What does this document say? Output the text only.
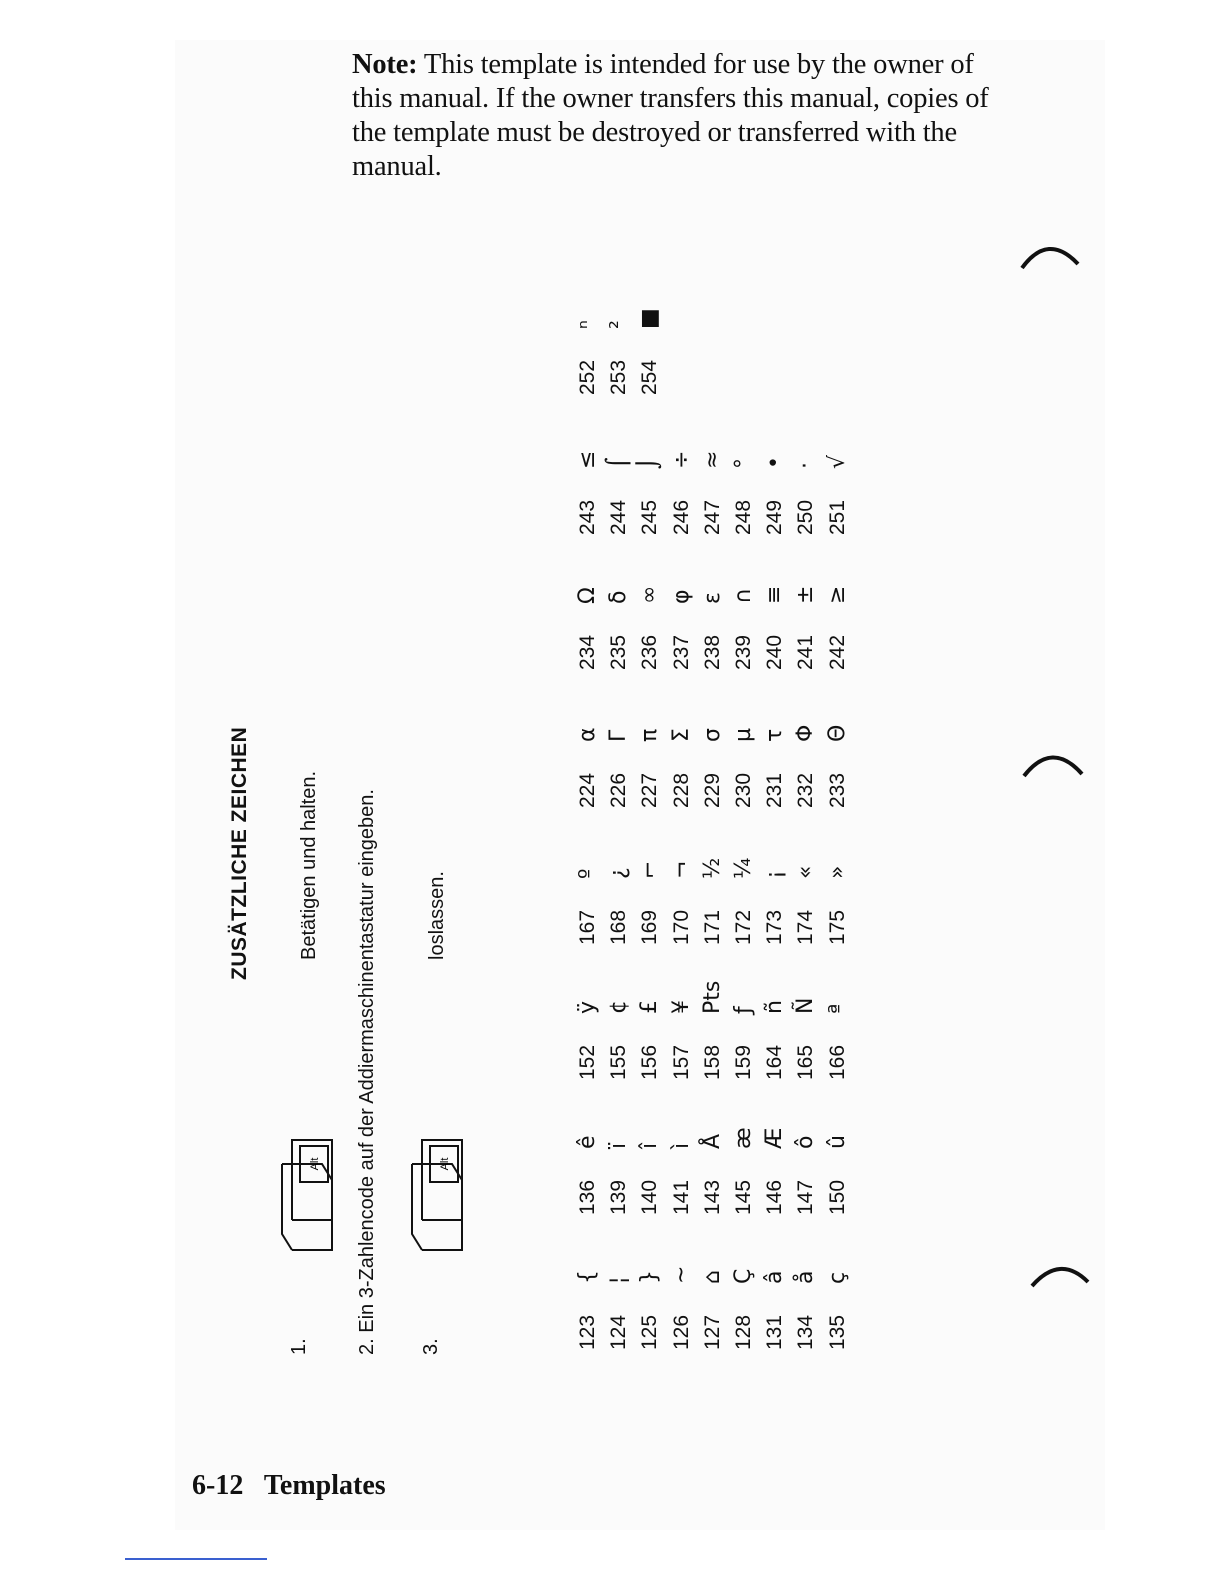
Note: This template is intended for use by the owner of this manual. If the owner transfers this manual, copies of the template must be destroyed or transferred with the manual.
ZUSÄTZLICHE ZEICHEN
1.
Alt
Betätigen und halten.
2. Ein 3-Zahlencode auf der Addiermaschinentastatur eingeben.
3.
Alt
loslassen.
123
{
124
¦
125
}
126
~
127
⌂
128
Ç
131
â
134
å
135
ç
136
ê
139
ï
140
î
141
ì
143
Å
145
æ
146
Æ
147
ô
150
û
152
ÿ
155
¢
156
£
157
¥
158
Pts
159
ƒ
164
ñ
165
Ñ
166
ª
167
º
168
¿
169
⌐
170
¬
171
½
172
¼
173
¡
174
«
175
»
224
α
226
Γ
227
π
228
Σ
229
σ
230
µ
231
τ
232
Φ
233
Θ
234
Ω
235
δ
236
∞
237
φ
238
ε
239
∩
240
≡
241
±
242
≥
243
≤
244
⌠
245
⌡
246
÷
247
≈
248
°
249
•
250
·
251
√
252
ⁿ
253
²
254
■
6-12 Templates
